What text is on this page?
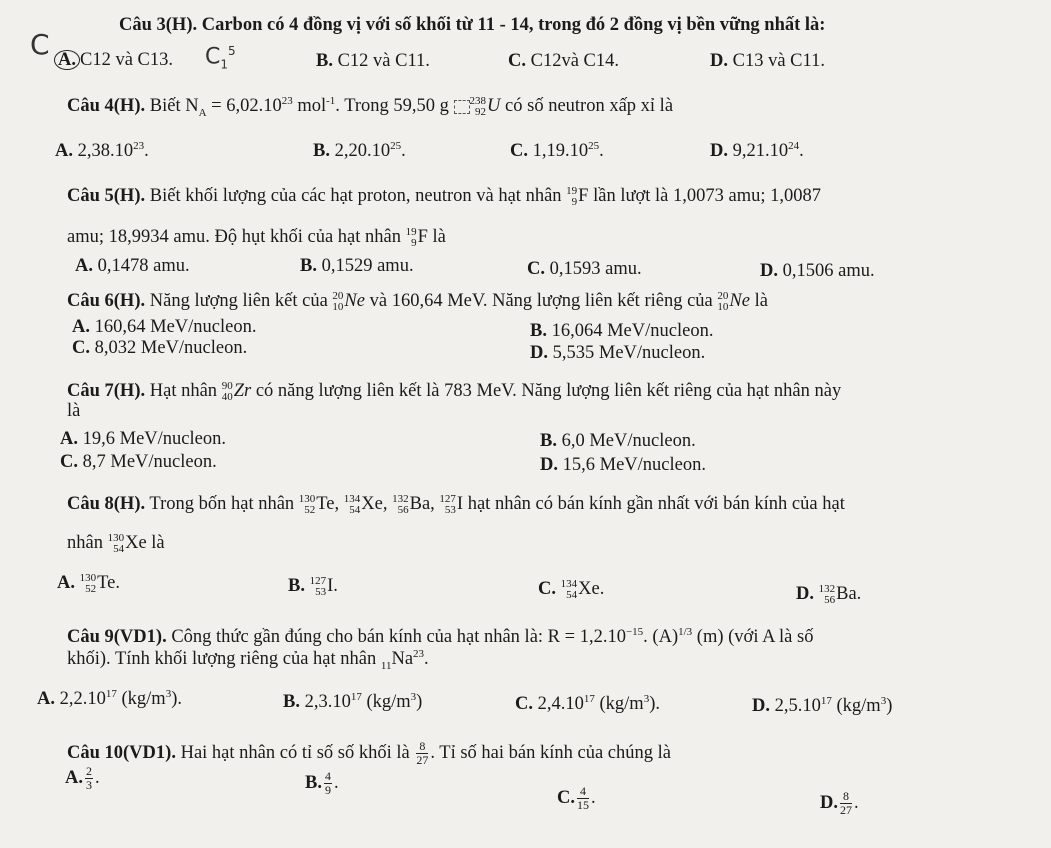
Câu 3(H). Carbon có 4 đồng vị với số khối từ 11 - 14, trong đó 2 đồng vị bền vững nhất là:
C A. C12 và C13. $C_1^5$	B. C12 và C11.	C. C12và C14.	D. C13 và C11.
Câu 4(H). Biết $N_A = 6,02.10^{23}$ mol$^{-1}$. Trong 59,50 g 238
92 U có số neutron xấp xỉ là
A. 2,38.10$^{23}$.	B. 2,20.10$^{25}$.	C. 1,19.10$^{25}$.	D. 9,21.10$^{24}$.
Câu 5(H). Biết khối lượng của các hạt proton, neutron và hạt nhân 19
9 F lần lượt là 1,0073 amu; 1,0087
amu; 18,9934 amu. Độ hụt khối của hạt nhân 19
9 F là
A. 0,1478 amu.	B. 0,1529 amu.	C. 0,1593 amu.	D. 0,1506 amu.
Câu 6(H). Năng lượng liên kết của 20
10 Ne và 160,64 MeV. Năng lượng liên kết riêng của 20
10 Ne là
A. 160,64 MeV/nucleon.	B. 16,064 MeV/nucleon.
C. 8,032 MeV/nucleon.	D. 5,535 MeV/nucleon.
Câu 7(H). Hạt nhân 90
40 Zr có năng lượng liên kết là 783 MeV. Năng lượng liên kết riêng của hạt nhân này
là
A. 19,6 MeV/nucleon.	B. 6,0 MeV/nucleon.
C. 8,7 MeV/nucleon.	D. 15,6 MeV/nucleon.
Câu 8(H). Trong bốn hạt nhân 130
52 Te, 134
54 Xe, 132
56 Ba, 127
53 I hạt nhân có bán kính gần nhất với bán kính của hạt
nhân 130
54 Xe là
A. 130
52 Te.	B. 127
53 I.	C. 134
54 Xe.	D. 132
56 Ba.
Câu 9(VD1). Công thức gần đúng cho bán kính của hạt nhân là: $R = 1,2.10^{-15}$. $(A)^{1/3}$ (m) (với A là số
khối). Tính khối lượng riêng của hạt nhân $_{11}Na^{23}$.
A. 2,2.10$^{17}$ $(kg/m^3)$.	B. 2,3.10$^{17}$ $(kg/m^3)$	C. 2,4.10$^{17}$ $(kg/m^3)$.	D. 2,5.10$^{17}$ $(kg/m^3)$
Câu 10(VD1). Hai hạt nhân có tỉ số số khối là $\frac{8}{27}$ . Tỉ số hai bán kính của chúng là
A. $\frac{2}{3}$ .	B. $\frac{4}{9}$ .
C. $\frac{4}{15}$ .	D. $\frac{8}{27}$ .
